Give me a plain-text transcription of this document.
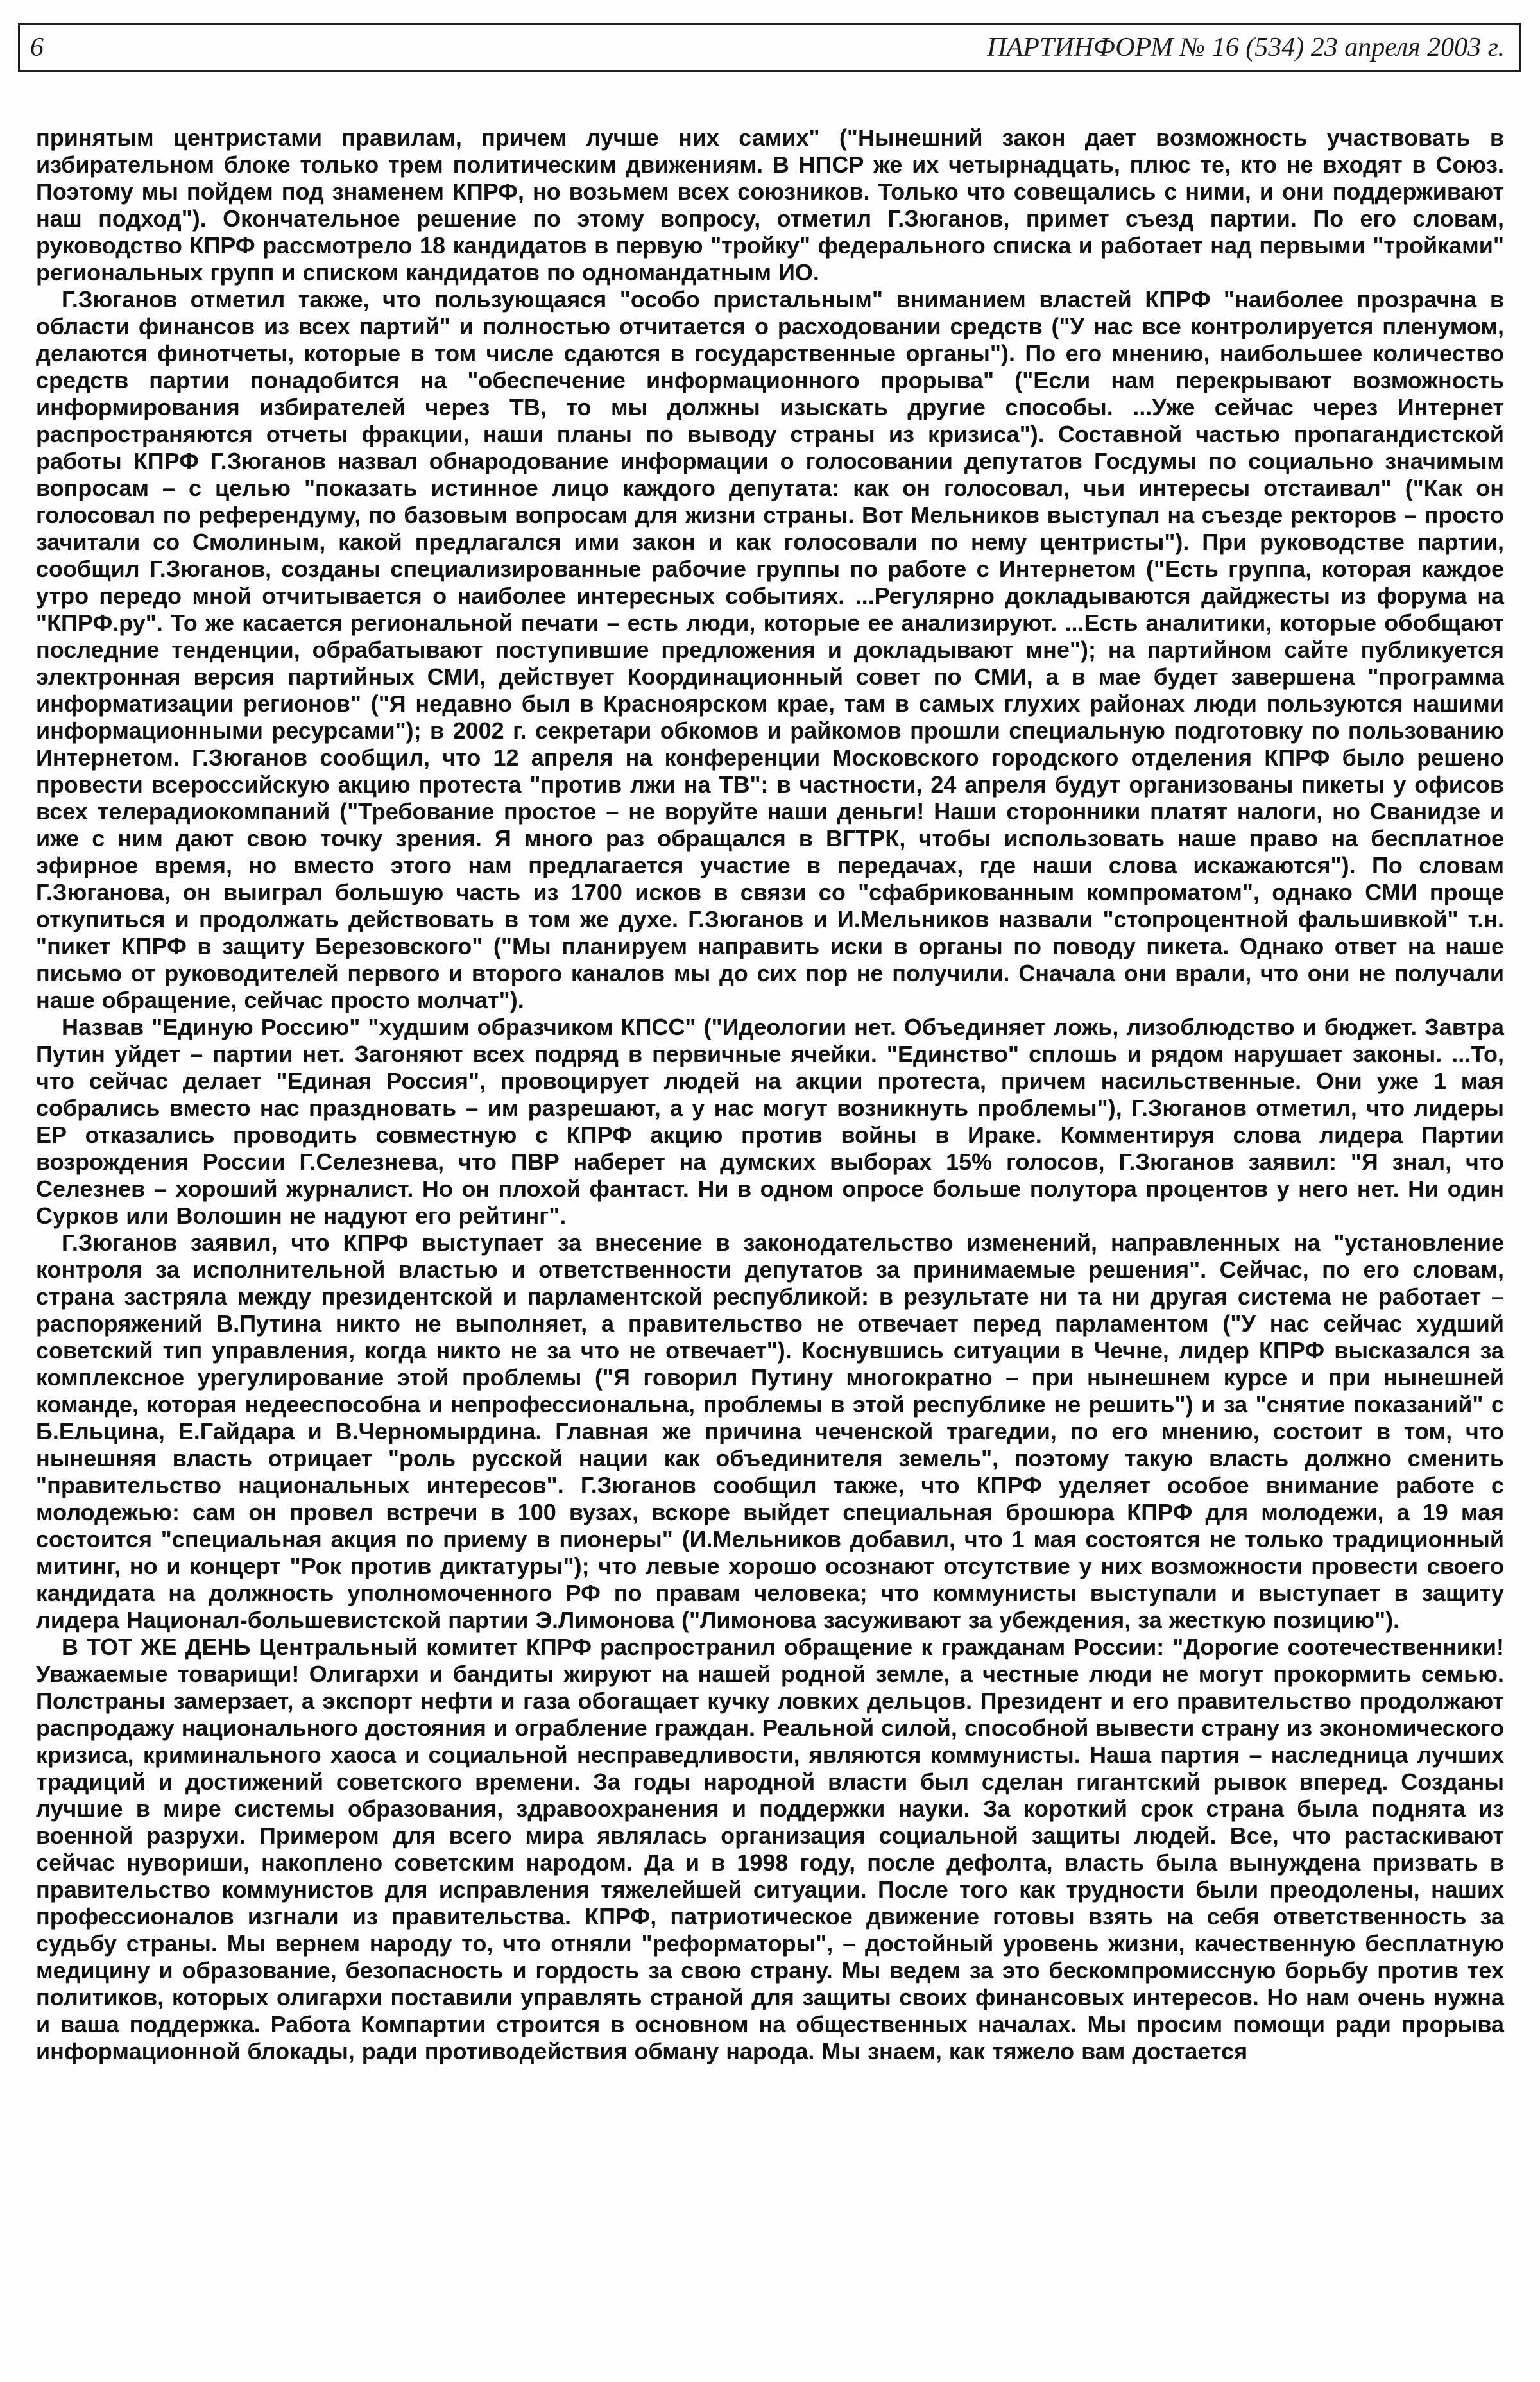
6	ПАРТИНФОРМ № 16 (534) 23 апреля 2003 г.

принятым центристами правилам, причем лучше них самих" ("Нынешний закон дает возможность участвовать в избирательном блоке только трем политическим движениям. В НПСР же их четырнадцать, плюс те, кто не входят в Союз. Поэтому мы пойдем под знаменем КПРФ, но возьмем всех союзников. Только что совещались с ними, и они поддерживают наш подход"). Окончательное решение по этому вопросу, отметил Г.Зюганов, примет съезд партии. По его словам, руководство КПРФ рассмотрело 18 кандидатов в первую "тройку" федерального списка и работает над первыми "тройками" региональных групп и списком кандидатов по одномандатным ИО.

Г.Зюганов отметил также, что пользующаяся "особо пристальным" вниманием властей КПРФ "наиболее прозрачна в области финансов из всех партий" и полностью отчитается о расходовании средств ("У нас все контролируется пленумом, делаются финотчеты, которые в том числе сдаются в государственные органы"). По его мнению, наибольшее количество средств партии понадобится на "обеспечение информационного прорыва" ("Если нам перекрывают возможность информирования избирателей через ТВ, то мы должны изыскать другие способы. ...Уже сейчас через Интернет распространяются отчеты фракции, наши планы по выводу страны из кризиса"). Составной частью пропагандистской работы КПРФ Г.Зюганов назвал обнародование информации о голосовании депутатов Госдумы по социально значимым вопросам – с целью "показать истинное лицо каждого депутата: как он голосовал, чьи интересы отстаивал" ("Как он голосовал по референдуму, по базовым вопросам для жизни страны. Вот Мельников выступал на съезде ректоров – просто зачитали со Смолиным, какой предлагался ими закон и как голосовали по нему центристы"). При руководстве партии, сообщил Г.Зюганов, созданы специализированные рабочие группы по работе с Интернетом ("Есть группа, которая каждое утро передо мной отчитывается о наиболее интересных событиях. ...Регулярно докладываются дайджесты из форума на "КПРФ.ру". То же касается региональной печати – есть люди, которые ее анализируют. ...Есть аналитики, которые обобщают последние тенденции, обрабатывают поступившие предложения и докладывают мне"); на партийном сайте публикуется электронная версия партийных СМИ, действует Координационный совет по СМИ, а в мае будет завершена "программа информатизации регионов" ("Я недавно был в Красноярском крае, там в самых глухих районах люди пользуются нашими информационными ресурсами"); в 2002 г. секретари обкомов и райкомов прошли специальную подготовку по пользованию Интернетом. Г.Зюганов сообщил, что 12 апреля на конференции Московского городского отделения КПРФ было решено провести всероссийскую акцию протеста "против лжи на ТВ": в частности, 24 апреля будут организованы пикеты у офисов всех телерадиокомпаний ("Требование простое – не воруйте наши деньги! Наши сторонники платят налоги, но Сванидзе и иже с ним дают свою точку зрения. Я много раз обращался в ВГТРК, чтобы использовать наше право на бесплатное эфирное время, но вместо этого нам предлагается участие в передачах, где наши слова искажаются"). По словам Г.Зюганова, он выиграл большую часть из 1700 исков в связи со "сфабрикованным компроматом", однако СМИ проще откупиться и продолжать действовать в том же духе. Г.Зюганов и И.Мельников назвали "стопроцентной фальшивкой" т.н. "пикет КПРФ в защиту Березовского" ("Мы планируем направить иски в органы по поводу пикета. Однако ответ на наше письмо от руководителей первого и второго каналов мы до сих пор не получили. Сначала они врали, что они не получали наше обращение, сейчас просто молчат").

Назвав "Единую Россию" "худшим образчиком КПСС" ("Идеологии нет. Объединяет ложь, лизоблюдство и бюджет. Завтра Путин уйдет – партии нет. Загоняют всех подряд в первичные ячейки. "Единство" сплошь и рядом нарушает законы. ...То, что сейчас делает "Единая Россия", провоцирует людей на акции протеста, причем насильственные. Они уже 1 мая собрались вместо нас праздновать – им разрешают, а у нас могут возникнуть проблемы"), Г.Зюганов отметил, что лидеры ЕР отказались проводить совместную с КПРФ акцию против войны в Ираке. Комментируя слова лидера Партии возрождения России Г.Селезнева, что ПВР наберет на думских выборах 15% голосов, Г.Зюганов заявил: "Я знал, что Селезнев – хороший журналист. Но он плохой фантаст. Ни в одном опросе больше полутора процентов у него нет. Ни один Сурков или Волошин не надуют его рейтинг".

Г.Зюганов заявил, что КПРФ выступает за внесение в законодательство изменений, направленных на "установление контроля за исполнительной властью и ответственности депутатов за принимаемые решения". Сейчас, по его словам, страна застряла между президентской и парламентской республикой: в результате ни та ни другая система не работает – распоряжений В.Путина никто не выполняет, а правительство не отвечает перед парламентом ("У нас сейчас худший советский тип управления, когда никто не за что не отвечает"). Коснувшись ситуации в Чечне, лидер КПРФ высказался за комплексное урегулирование этой проблемы ("Я говорил Путину многократно – при нынешнем курсе и при нынешней команде, которая недееспособна и непрофессиональна, проблемы в этой республике не решить") и за "снятие показаний" с Б.Ельцина, Е.Гайдара и В.Черномырдина. Главная же причина чеченской трагедии, по его мнению, состоит в том, что нынешняя власть отрицает "роль русской нации как объединителя земель", поэтому такую власть должно сменить "правительство национальных интересов". Г.Зюганов сообщил также, что КПРФ уделяет особое внимание работе с молодежью: сам он провел встречи в 100 вузах, вскоре выйдет специальная брошюра КПРФ для молодежи, а 19 мая состоится "специальная акция по приему в пионеры" (И.Мельников добавил, что 1 мая состоятся не только традиционный митинг, но и концерт "Рок против диктатуры"); что левые хорошо осознают отсутствие у них возможности провести своего кандидата на должность уполномоченного РФ по правам человека; что коммунисты выступали и выступает в защиту лидера Национал-большевистской партии Э.Лимонова ("Лимонова засуживают за убеждения, за жесткую позицию").

В ТОТ ЖЕ ДЕНЬ Центральный комитет КПРФ распространил обращение к гражданам России: "Дорогие соотечественники! Уважаемые товарищи! Олигархи и бандиты жируют на нашей родной земле, а честные люди не могут прокормить семью. Полстраны замерзает, а экспорт нефти и газа обогащает кучку ловких дельцов. Президент и его правительство продолжают распродажу национального достояния и ограбление граждан. Реальной силой, способной вывести страну из экономического кризиса, криминального хаоса и социальной несправедливости, являются коммунисты. Наша партия – наследница лучших традиций и достижений советского времени. За годы народной власти был сделан гигантский рывок вперед. Созданы лучшие в мире системы образования, здравоохранения и поддержки науки. За короткий срок страна была поднята из военной разрухи. Примером для всего мира являлась организация социальной защиты людей. Все, что растаскивают сейчас нувориши, накоплено советским народом. Да и в 1998 году, после дефолта, власть была вынуждена призвать в правительство коммунистов для исправления тяжелейшей ситуации. После того как трудности были преодолены, наших профессионалов изгнали из правительства. КПРФ, патриотическое движение готовы взять на себя ответственность за судьбу страны. Мы вернем народу то, что отняли "реформаторы", – достойный уровень жизни, качественную бесплатную медицину и образование, безопасность и гордость за свою страну. Мы ведем за это бескомпромиссную борьбу против тех политиков, которых олигархи поставили управлять страной для защиты своих финансовых интересов. Но нам очень нужна и ваша поддержка. Работа Компартии строится в основном на общественных началах. Мы просим помощи ради прорыва информационной блокады, ради противодействия обману народа. Мы знаем, как тяжело вам достается
